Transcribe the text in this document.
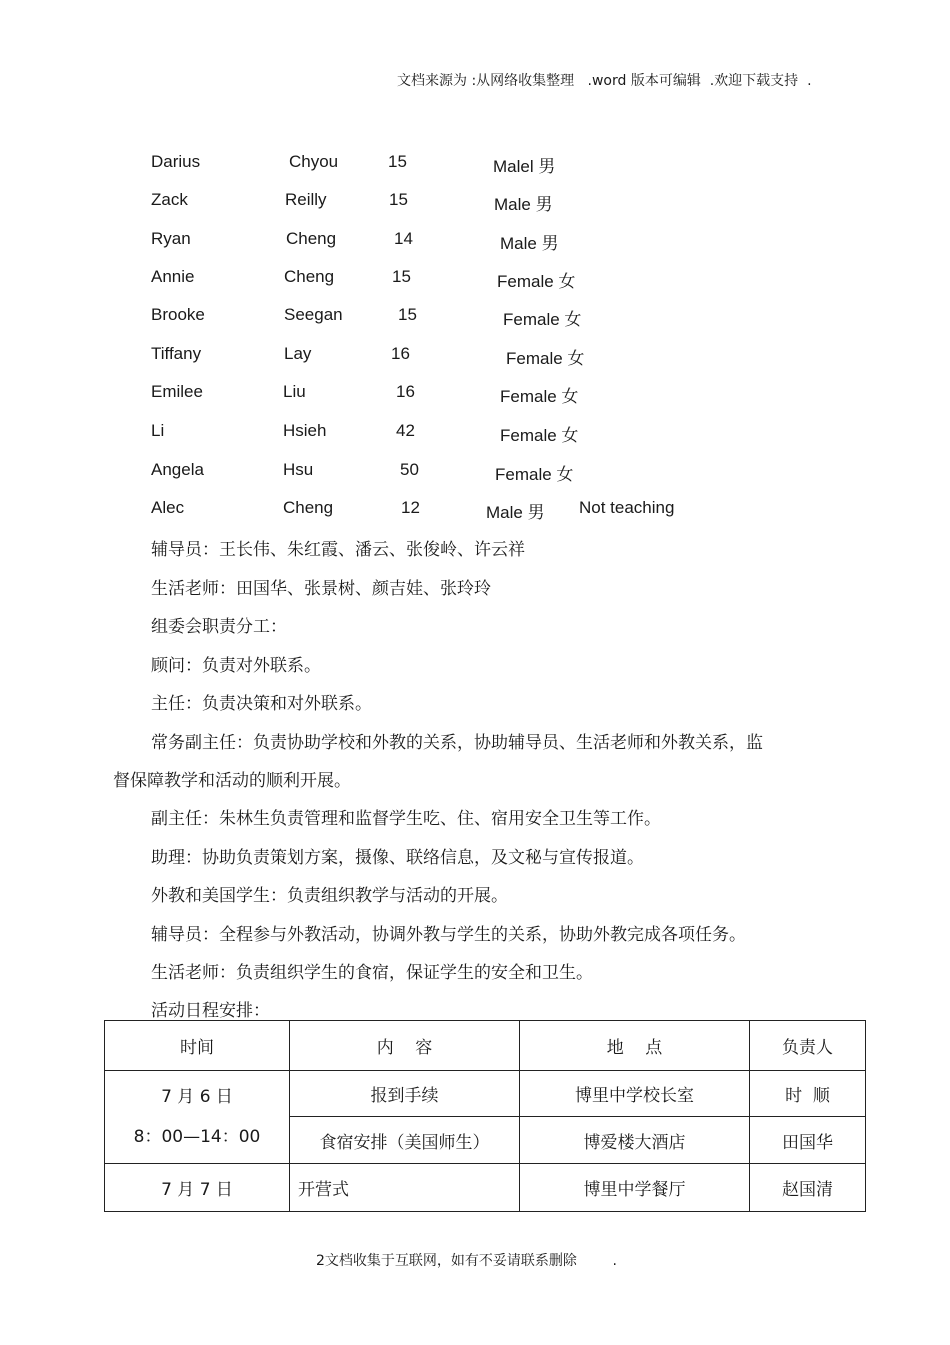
文档来源为 :从网络收集整理   .word 版本可编辑  .欢迎下载支持  .
Darius	Chyou	15	Malel 男
Zack	Reilly	15	Male 男
Ryan	Cheng	14	Male 男
Annie	Cheng	15	Female 女
Brooke	Seegan	15	Female 女
Tiffany	Lay	16	Female 女
Emilee	Liu	16	Female 女
Li	Hsieh	42	Female 女
Angela	Hsu	50	Female 女
Alec	Cheng	12	Male 男 Not teaching
辅导员：王长伟、朱红霞、潘云、张俊岭、许云祥
生活老师：田国华、张景树、颜吉娃、张玲玲
组委会职责分工：
顾问：负责对外联系。
主任：负责决策和对外联系。
常务副主任：负责协助学校和外教的关系，协助辅导员、生活老师和外教关系，监
督保障教学和活动的顺利开展。
副主任：朱林生负责管理和监督学生吃、住、宿用安全卫生等工作。
助理：协助负责策划方案，摄像、联络信息，及文秘与宣传报道。
外教和美国学生：负责组织教学与活动的开展。
辅导员：全程参与外教活动，协调外教与学生的关系，协助外教完成各项任务。
生活老师：负责组织学生的食宿，保证学生的安全和卫生。
活动日程安排：
时间	内    容	地    点	负责人

7 月 6 日
8：00—14：00	报到手续	博里中学校长室	时  顺
	食宿安排（美国师生）	博爱楼大酒店	田国华
7 月 7 日	开营式	博里中学餐厅	赵国清
2文档收集于互联网，如有不妥请联系删除        .
